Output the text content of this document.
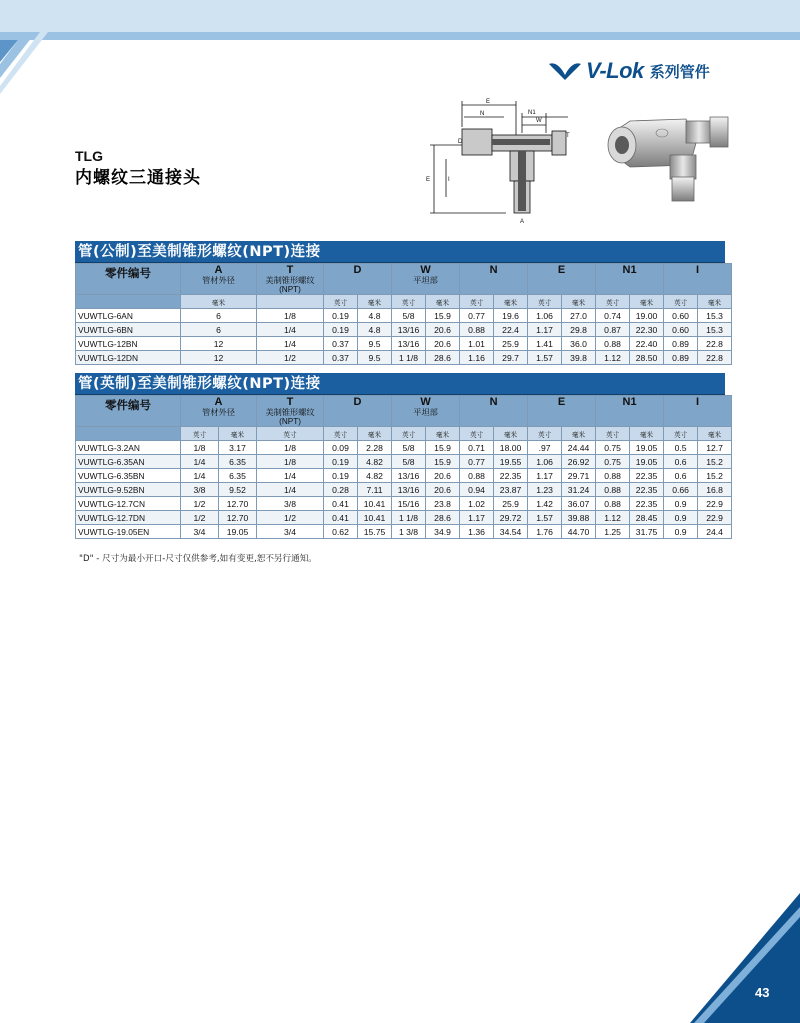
V-Lok 系列管件
TLG
内螺纹三通接头
E
N	N1
W
T
D
A
I
E
管(公制)至美制锥形螺纹(NPT)连接
零件编号	A
管材外径	T
美制锥形螺纹
(NPT)	D		W
平坦部		N		E		N1		I	

	毫米		英寸	毫米	英寸	毫米	英寸	毫米	英寸	毫米	英寸	毫米	英寸	毫米
VUWTLG-6AN	6	1/8	0.19	4.8	5/8	15.9	0.77	19.6	1.06	27.0	0.74	19.00	0.60	15.3
VUWTLG-6BN	6	1/4	0.19	4.8	13/16	20.6	0.88	22.4	1.17	29.8	0.87	22.30	0.60	15.3
VUWTLG-12BN	12	1/4	0.37	9.5	13/16	20.6	1.01	25.9	1.41	36.0	0.88	22.40	0.89	22.8
VUWTLG-12DN	12	1/2	0.37	9.5	1 1/8	28.6	1.16	29.7	1.57	39.8	1.12	28.50	0.89	22.8
管(英制)至美制锥形螺纹(NPT)连接
零件编号	A
管材外径		T
美制锥形螺纹
(NPT)	D		W
平坦部		N		E		N1		I	

	英寸	毫米	英寸	英寸	毫米	英寸	毫米	英寸	毫米	英寸	毫米	英寸	毫米	英寸	毫米
VUWTLG-3.2AN	1/8	3.17	1/8	0.09	2.28	5/8	15.9	0.71	18.00	.97	24.44	0.75	19.05	0.5	12.7
VUWTLG-6.35AN	1/4	6.35	1/8	0.19	4.82	5/8	15.9	0.77	19.55	1.06	26.92	0.75	19.05	0.6	15.2
VUWTLG-6.35BN	1/4	6.35	1/4	0.19	4.82	13/16	20.6	0.88	22.35	1.17	29.71	0.88	22.35	0.6	15.2
VUWTLG-9.52BN	3/8	9.52	1/4	0.28	7.11	13/16	20.6	0.94	23.87	1.23	31.24	0.88	22.35	0.66	16.8
VUWTLG-12.7CN	1/2	12.70	3/8	0.41	10.41	15/16	23.8	1.02	25.9	1.42	36.07	0.88	22.35	0.9	22.9
VUWTLG-12.7DN	1/2	12.70	1/2	0.41	10.41	1 1/8	28.6	1.17	29.72	1.57	39.88	1.12	28.45	0.9	22.9
VUWTLG-19.05EN	3/4	19.05	3/4	0.62	15.75	1 3/8	34.9	1.36	34.54	1.76	44.70	1.25	31.75	0.9	24.4
"D" - 尺寸为最小开口-尺寸仅供参考,如有变更,恕不另行通知。
43
